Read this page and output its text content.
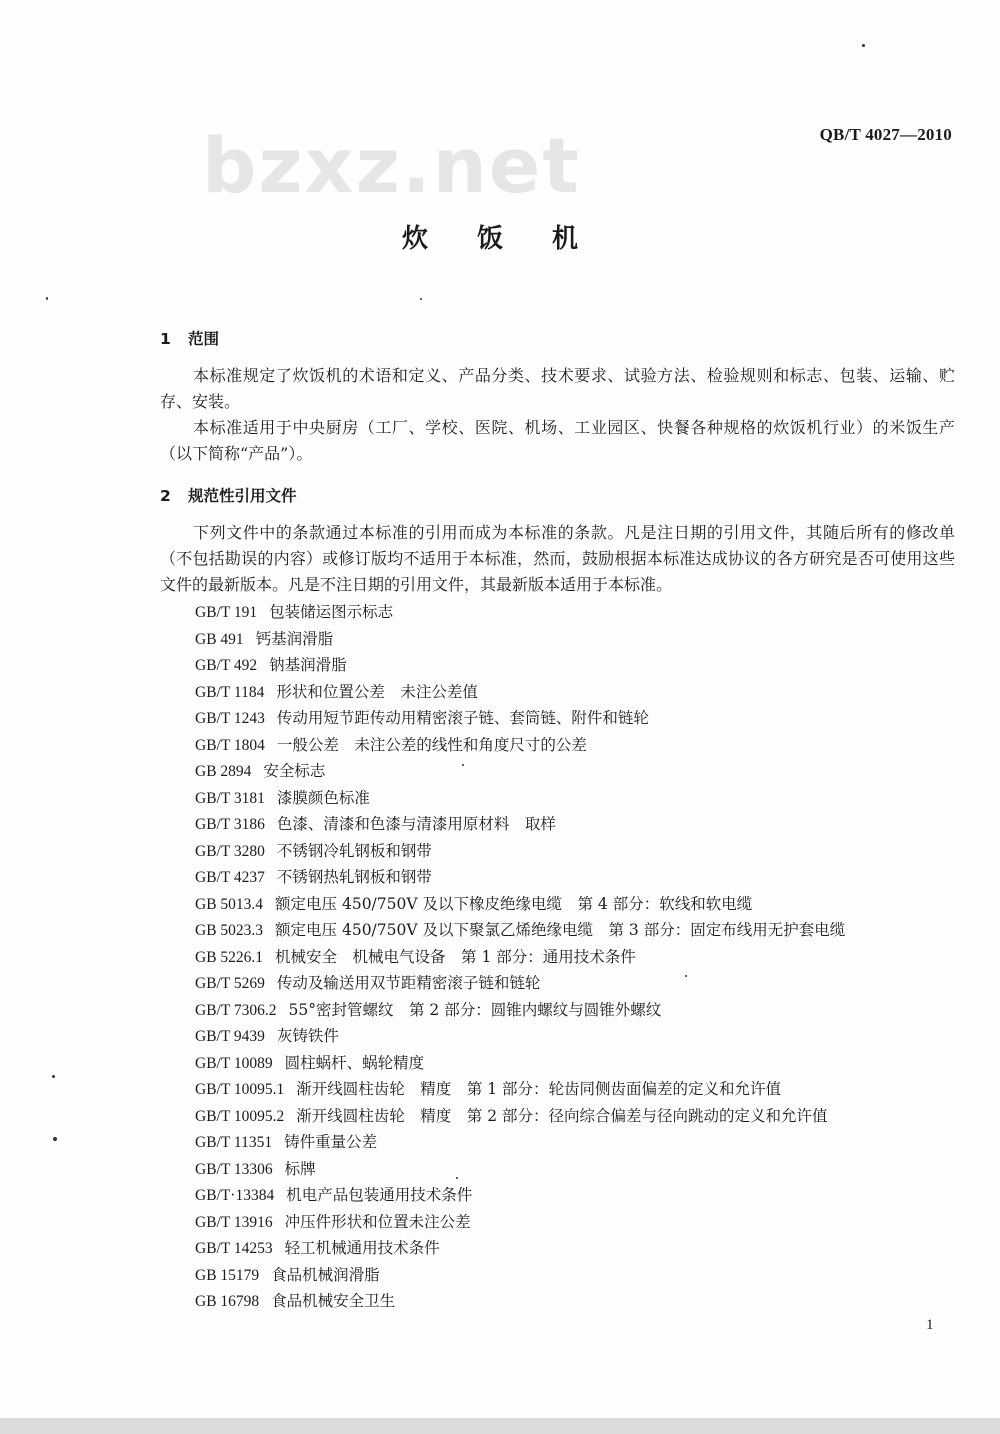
bzxz.net	QB/T 4027—2010
炊 饭 机
1 范围
本标准规定了炊饭机的术语和定义、产品分类、技术要求、试验方法、检验规则和标志、包装、运输、贮存、安装。
本标准适用于中央厨房（工厂、学校、医院、机场、工业园区、快餐各种规格的炊饭机行业）的米饭生产（以下简称“产品”）。
2 规范性引用文件
下列文件中的条款通过本标准的引用而成为本标准的条款。凡是注日期的引用文件，其随后所有的修改单（不包括勘误的内容）或修订版均不适用于本标准，然而，鼓励根据本标准达成协议的各方研究是否可使用这些文件的最新版本。凡是不注日期的引用文件，其最新版本适用于本标准。
GB/T 191 包装储运图示标志
GB 491 钙基润滑脂
GB/T 492 钠基润滑脂
GB/T 1184 形状和位置公差　未注公差值
GB/T 1243 传动用短节距传动用精密滚子链、套筒链、附件和链轮
GB/T 1804 一般公差　未注公差的线性和角度尺寸的公差
GB 2894 安全标志
GB/T 3181 漆膜颜色标准
GB/T 3186 色漆、清漆和色漆与清漆用原材料　取样
GB/T 3280 不锈钢冷轧钢板和钢带
GB/T 4237 不锈钢热轧钢板和钢带
GB 5013.4 额定电压 450/750V 及以下橡皮绝缘电缆　第 4 部分：软线和软电缆
GB 5023.3 额定电压 450/750V 及以下聚氯乙烯绝缘电缆　第 3 部分：固定布线用无护套电缆
GB 5226.1 机械安全　机械电气设备　第 1 部分：通用技术条件
GB/T 5269 传动及输送用双节距精密滚子链和链轮
GB/T 7306.2 55°密封管螺纹　第 2 部分：圆锥内螺纹与圆锥外螺纹
GB/T 9439 灰铸铁件
GB/T 10089 圆柱蜗杆、蜗轮精度
GB/T 10095.1 渐开线圆柱齿轮　精度　第 1 部分：轮齿同侧齿面偏差的定义和允许值
GB/T 10095.2 渐开线圆柱齿轮　精度　第 2 部分：径向综合偏差与径向跳动的定义和允许值
GB/T 11351 铸件重量公差
GB/T 13306 标牌
GB/T·13384 机电产品包装通用技术条件
GB/T 13916 冲压件形状和位置未注公差
GB/T 14253 轻工机械通用技术条件
GB 15179 食品机械润滑脂
GB 16798 食品机械安全卫生
1
